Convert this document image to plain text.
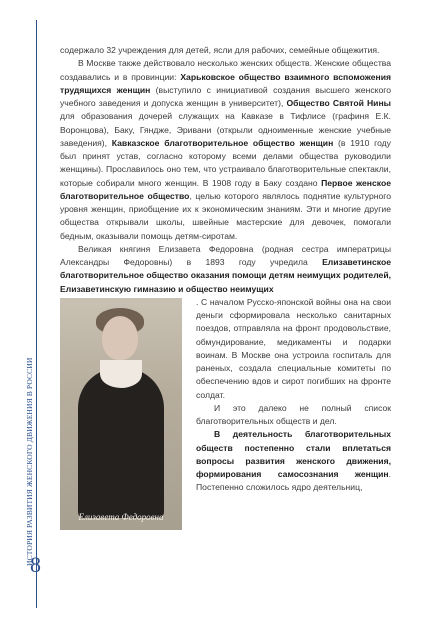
ИСТОРИЯ РАЗВИТИЯ ЖЕНСКОГО ДВИЖЕНИЯ В РОССИИ
8

содержало 32 учреждения для детей, ясли для рабочих, семейные общежития.

В Москве также действовало несколько женских обществ. Женские общества создавались и в провинции: Харьковское общество взаимного вспоможения трудящихся женщин (выступило с инициативой создания высшего женского учебного заведения и допуска женщин в университет), Общество Святой Нины для образования дочерей служащих на Кавказе в Тифлисе (графиня Е.К. Воронцова), Баку, Гяндже, Эривани (открыли одноименные женские учебные заведения), Кавказское благотворительное общество женщин (в 1910 году был принят устав, согласно которому всеми делами общества руководили женщины). Прославилось оно тем, что устраивало благотворительные спектакли, которые собирали много женщин. В 1908 году в Баку создано Первое женское благотворительное общество, целью которого являлось поднятие культурного уровня женщин, приобщение их к экономическим знаниям. Эти и многие другие общества открывали школы, швейные мастерские для девочек, помогали бедным, оказывали помощь детям-сиротам.

Великая княгиня Елизавета Федоровна (родная сестра императрицы Александры Федоровны) в 1893 году учредила Елизаветинское благотворительное общество оказания помощи детям неимущих родителей, Елизаветинскую гимназию и общество неимущих

Елизавета Федоровна

. С началом Русско-японской войны она на свои деньги сформировала несколько санитарных поездов, отправляла на фронт продовольствие, обмундирование, медикаменты и подарки воинам. В Москве она устроила госпиталь для раненых, создала специальные комитеты по обеспечению вдов и сирот погибших на фронте солдат.

И это далеко не полный список благотворительных обществ и дел.

В деятельность благотворительных обществ постепенно стали вплетаться вопросы развития женского движения, формирования самосознания женщин. Постепенно сложилось ядро деятельниц,
